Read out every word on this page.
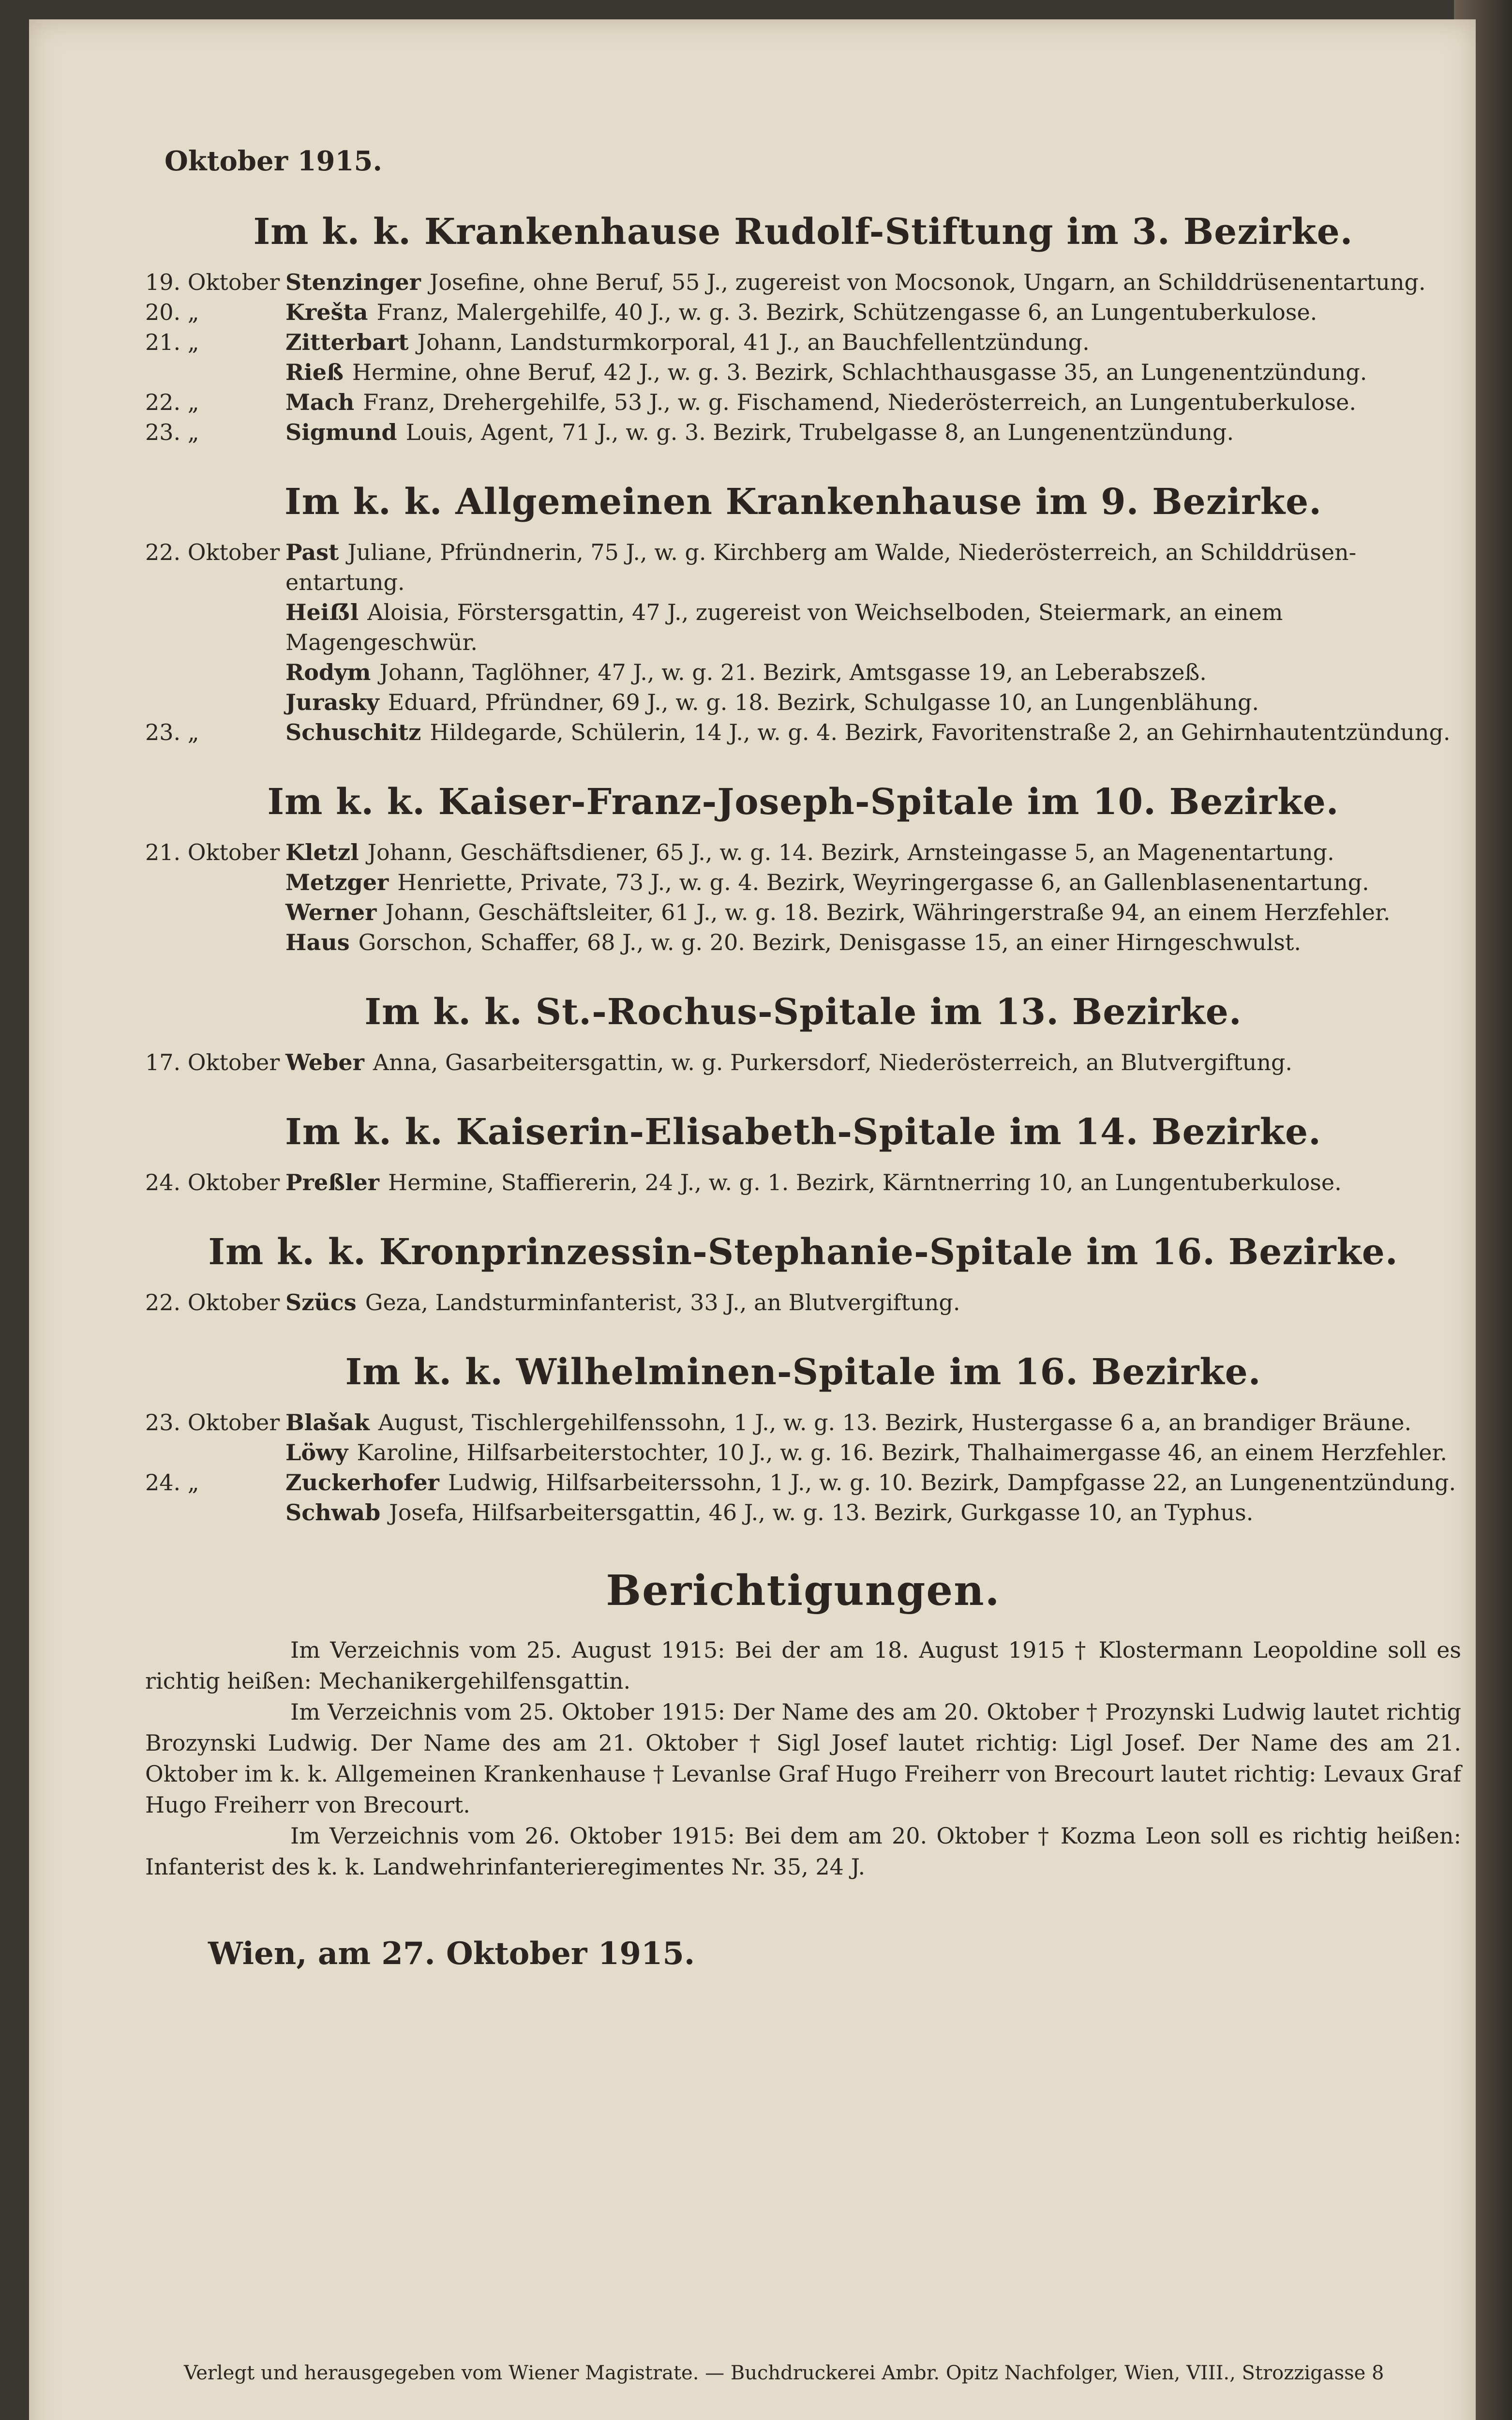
Oktober 1915.
Im k. k. Krankenhause Rudolf-Stiftung im 3. Bezirke.
19. Oktober Stenzinger Josefine, ohne Beruf, 55 J., zugereist von Mocsonok, Ungarn, an Schilddrüsenentartung.
20. „	Krešta Franz, Malergehilfe, 40 J., w. g. 3. Bezirk, Schützengasse 6, an Lungentuberkulose.
21. „	Zitterbart Johann, Landsturmkorporal, 41 J., an Bauchfellentzündung.
Rieß Hermine, ohne Beruf, 42 J., w. g. 3. Bezirk, Schlachthausgasse 35, an Lungenentzündung.
22. „	Mach Franz, Drehergehilfe, 53 J., w. g. Fischamend, Niederösterreich, an Lungentuberkulose.
23. „	Sigmund Louis, Agent, 71 J., w. g. 3. Bezirk, Trubelgasse 8, an Lungenentzündung.
Im k. k. Allgemeinen Krankenhause im 9. Bezirke.
22. Oktober Past Juliane, Pfründnerin, 75 J., w. g. Kirchberg am Walde, Niederösterreich, an Schilddrüsen-entartung.
Heiẞl Aloisia, Förstersgattin, 47 J., zugereist von Weichselboden, Steiermark, an einem Magengeschwür.
Rodym Johann, Taglöhner, 47 J., w. g. 21. Bezirk, Amtsgasse 19, an Leberabszeß.
Jurasky Eduard, Pfründner, 69 J., w. g. 18. Bezirk, Schulgasse 10, an Lungenblähung.
23. „	Schuschitz Hildegarde, Schülerin, 14 J., w. g. 4. Bezirk, Favoritenstraße 2, an Gehirnhautentzündung.
Im k. k. Kaiser-Franz-Joseph-Spitale im 10. Bezirke.
21. Oktober Kletzl Johann, Geschäftsdiener, 65 J., w. g. 14. Bezirk, Arnsteingasse 5, an Magenentartung.
Metzger Henriette, Private, 73 J., w. g. 4. Bezirk, Weyringergasse 6, an Gallenblasenentartung.
Werner Johann, Geschäftsleiter, 61 J., w. g. 18. Bezirk, Währingerstraße 94, an einem Herzfehler.
Haus Gorschon, Schaffer, 68 J., w. g. 20. Bezirk, Denisgasse 15, an einer Hirngeschwulst.
Im k. k. St.-Rochus-Spitale im 13. Bezirke.
17. Oktober Weber Anna, Gasarbeitersgattin, w. g. Purkersdorf, Niederösterreich, an Blutvergiftung.
Im k. k. Kaiserin-Elisabeth-Spitale im 14. Bezirke.
24. Oktober Preßler Hermine, Staffiererin, 24 J., w. g. 1. Bezirk, Kärntnerring 10, an Lungentuberkulose.
Im k. k. Kronprinzessin-Stephanie-Spitale im 16. Bezirke.
22. Oktober Szücs Geza, Landsturminfanterist, 33 J., an Blutvergiftung.
Im k. k. Wilhelminen-Spitale im 16. Bezirke.
23. Oktober Blašak August, Tischlergehilfenssohn, 1 J., w. g. 13. Bezirk, Hustergasse 6 a, an brandiger Bräune.
Löwy Karoline, Hilfsarbeiterstochter, 10 J., w. g. 16. Bezirk, Thalhaimergasse 46, an einem Herzfehler.
24. „	Zuckerhofer Ludwig, Hilfsarbeiterssohn, 1 J., w. g. 10. Bezirk, Dampfgasse 22, an Lungenentzündung.
Schwab Josefa, Hilfsarbeitersgattin, 46 J., w. g. 13. Bezirk, Gurkgasse 10, an Typhus.
Berichtigungen.

Im Verzeichnis vom 25. August 1915: Bei der am 18. August 1915 † Klostermann Leopoldine soll es richtig heißen: Mechanikergehilfensgattin.

Im Verzeichnis vom 25. Oktober 1915: Der Name des am 20. Oktober † Prozynski Ludwig lautet richtig Brozynski Ludwig. Der Name des am 21. Oktober † Sigl Josef lautet richtig: Ligl Josef. Der Name des am 21. Oktober im k. k. Allgemeinen Krankenhause † Levanlse Graf Hugo Freiherr von Brecourt lautet richtig: Levaux Graf Hugo Freiherr von Brecourt.

Im Verzeichnis vom 26. Oktober 1915: Bei dem am 20. Oktober † Kozma Leon soll es richtig heißen: Infanterist des k. k. Landwehrinfanterieregimentes Nr. 35, 24 J.

Wien, am 27. Oktober 1915.
Verlegt und herausgegeben vom Wiener Magistrate. — Buchdruckerei Ambr. Opitz Nachfolger, Wien, VIII., Strozzigasse 8
